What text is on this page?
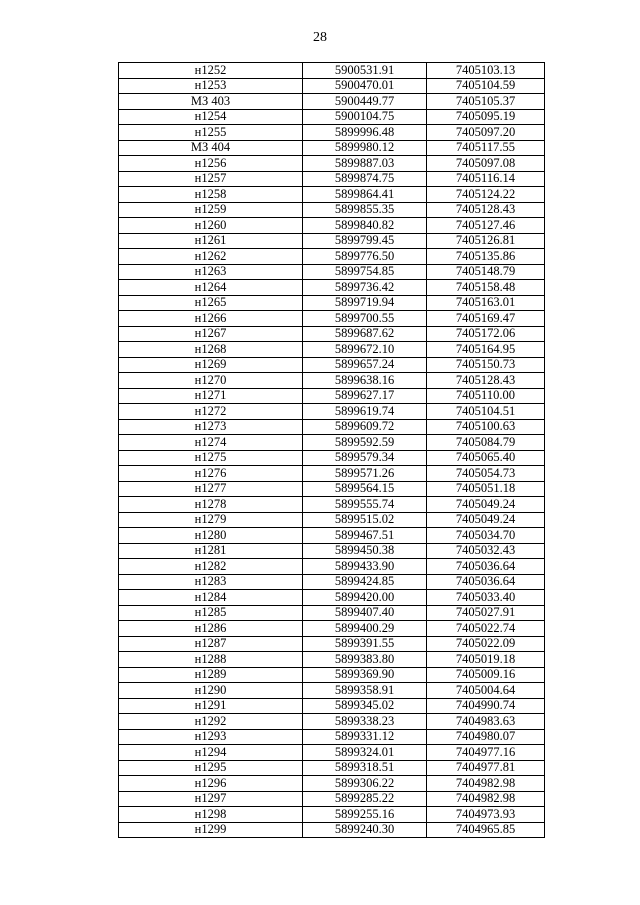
28
н1252	5900531.91	7405103.13
н1253	5900470.01	7405104.59
МЗ 403	5900449.77	7405105.37
н1254	5900104.75	7405095.19
н1255	5899996.48	7405097.20
МЗ 404	5899980.12	7405117.55
н1256	5899887.03	7405097.08
н1257	5899874.75	7405116.14
н1258	5899864.41	7405124.22
н1259	5899855.35	7405128.43
н1260	5899840.82	7405127.46
н1261	5899799.45	7405126.81
н1262	5899776.50	7405135.86
н1263	5899754.85	7405148.79
н1264	5899736.42	7405158.48
н1265	5899719.94	7405163.01
н1266	5899700.55	7405169.47
н1267	5899687.62	7405172.06
н1268	5899672.10	7405164.95
н1269	5899657.24	7405150.73
н1270	5899638.16	7405128.43
н1271	5899627.17	7405110.00
н1272	5899619.74	7405104.51
н1273	5899609.72	7405100.63
н1274	5899592.59	7405084.79
н1275	5899579.34	7405065.40
н1276	5899571.26	7405054.73
н1277	5899564.15	7405051.18
н1278	5899555.74	7405049.24
н1279	5899515.02	7405049.24
н1280	5899467.51	7405034.70
н1281	5899450.38	7405032.43
н1282	5899433.90	7405036.64
н1283	5899424.85	7405036.64
н1284	5899420.00	7405033.40
н1285	5899407.40	7405027.91
н1286	5899400.29	7405022.74
н1287	5899391.55	7405022.09
н1288	5899383.80	7405019.18
н1289	5899369.90	7405009.16
н1290	5899358.91	7405004.64
н1291	5899345.02	7404990.74
н1292	5899338.23	7404983.63
н1293	5899331.12	7404980.07
н1294	5899324.01	7404977.16
н1295	5899318.51	7404977.81
н1296	5899306.22	7404982.98
н1297	5899285.22	7404982.98
н1298	5899255.16	7404973.93
н1299	5899240.30	7404965.85
